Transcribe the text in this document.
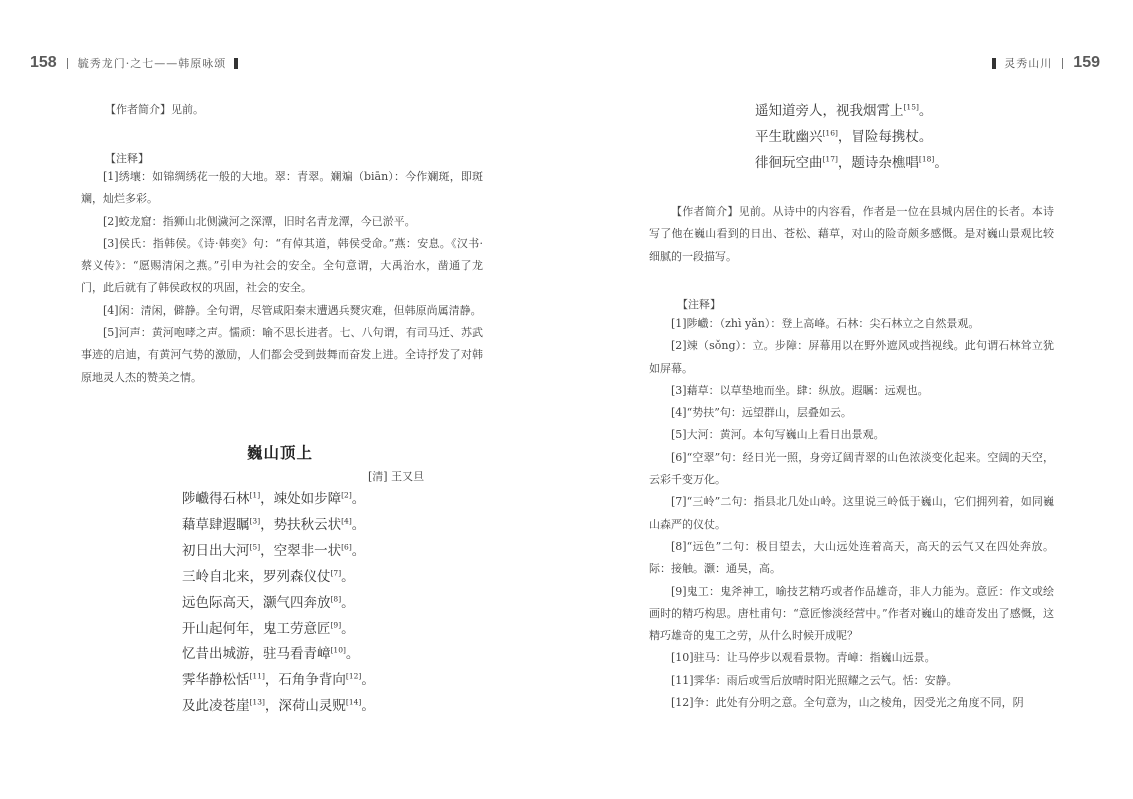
158 毓秀龙门·之七——韩原咏颂

【作者简介】见前。

【注释】

[1]绣壤：如锦绸绣花一般的大地。翠：青翠。斓斒（biān）：今作斓斑，即斑斓，灿烂多彩。

[2]蛟龙窟：指狮山北侧濊河之深潭，旧时名青龙潭，今已淤平。

[3]侯氏：指韩侯。《诗·韩奕》句：“有倬其道，韩侯受命。”燕：安息。《汉书·蔡义传》：“愿赐清闲之燕。”引申为社会的安全。全句意谓，大禹治水，凿通了龙门，此后就有了韩侯政权的巩固，社会的安全。

[4]闲：清闲，僻静。全句谓，尽管咸阳秦末遭遇兵燹灾难，但韩原尚属清静。

[5]河声：黄河咆哮之声。懦顽：喻不思长进者。七、八句谓，有司马迁、苏武事迹的启迪，有黄河气势的激励，人们都会受到鼓舞而奋发上进。全诗抒发了对韩原地灵人杰的赞美之情。

巍山顶上
[清] 王又旦
陟巇得石林[1]，竦处如步障[2]。
藉草肆遐瞩[3]，势扶秋云状[4]。
初日出大河[5]，空翠非一状[6]。
三岭自北来，罗列森仪仗[7]。
远色际高天，灏气四奔放[8]。
开山起何年，鬼工劳意匠[9]。
忆昔出城游，驻马看青嶂[10]。
霁华静松恬[11]，石角争背向[12]。
及此凌苍崖[13]，深荷山灵贶[14]。
灵秀山川 159
遥知道旁人，视我烟霄上[15]。
平生耽幽兴[16]，冒险每携杖。
徘徊玩空曲[17]，题诗杂樵唱[18]。

【作者简介】见前。从诗中的内容看，作者是一位在县城内居住的长者。本诗写了他在巍山看到的日出、苍松、藉草，对山的险奇颇多感慨。是对巍山景观比较细腻的一段描写。

【注释】

[1]陟巇：（zhì yǎn）：登上高峰。石林：尖石林立之自然景观。

[2]竦（sǒng）：立。步障：屏幕用以在野外遮风或挡视线。此句谓石林耸立犹如屏幕。

[3]藉草：以草垫地而坐。肆：纵放。遐瞩：远观也。

[4]“势扶”句：远望群山，层叠如云。

[5]大河：黄河。本句写巍山上看日出景观。

[6]“空翠”句：经日光一照，身旁辽阔青翠的山色浓淡变化起来。空阔的天空，云彩千变万化。

[7]“三岭”二句：指县北几处山岭。这里说三岭低于巍山，它们拥列着，如同巍山森严的仪仗。

[8]“远色”二句：极目望去，大山远处连着高天，高天的云气又在四处奔放。际：接触。灏：通昊，高。

[9]鬼工：鬼斧神工，喻技艺精巧或者作品雄奇，非人力能为。意匠：作文或绘画时的精巧构思。唐杜甫句：“意匠惨淡经营中。”作者对巍山的雄奇发出了感慨，这精巧雄奇的鬼工之劳，从什么时候开成呢？

[10]驻马：让马停步以观看景物。青嶂：指巍山远景。

[11]霁华：雨后或雪后放晴时阳光照耀之云气。恬：安静。

[12]争：此处有分明之意。全句意为，山之棱角，因受光之角度不同，阴
